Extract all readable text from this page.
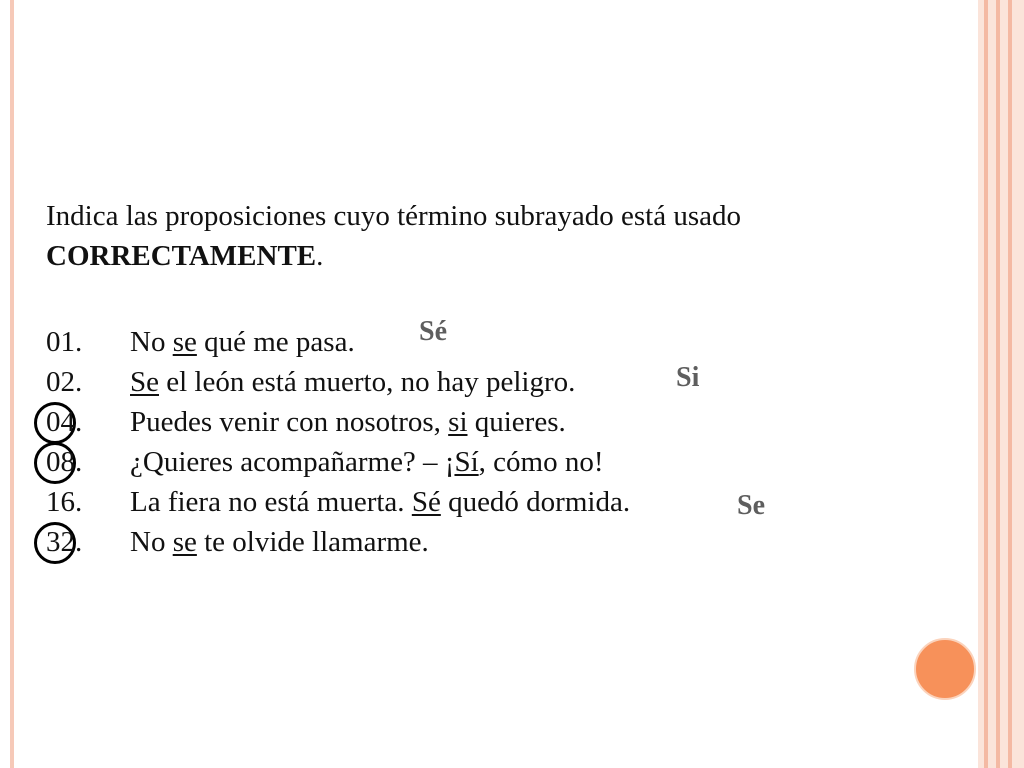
Indica las proposiciones cuyo término subrayado está usado
CORRECTAMENTE.
01. No se qué me pasa.
02. Se el león está muerto, no hay peligro.
04. Puedes venir con nosotros, si quieres.
08. ¿Quieres acompañarme? – ¡Sí, cómo no!
16. La fiera no está muerta. Sé quedó dormida.
32. No se te olvide llamarme.
Sé
Si
Se
